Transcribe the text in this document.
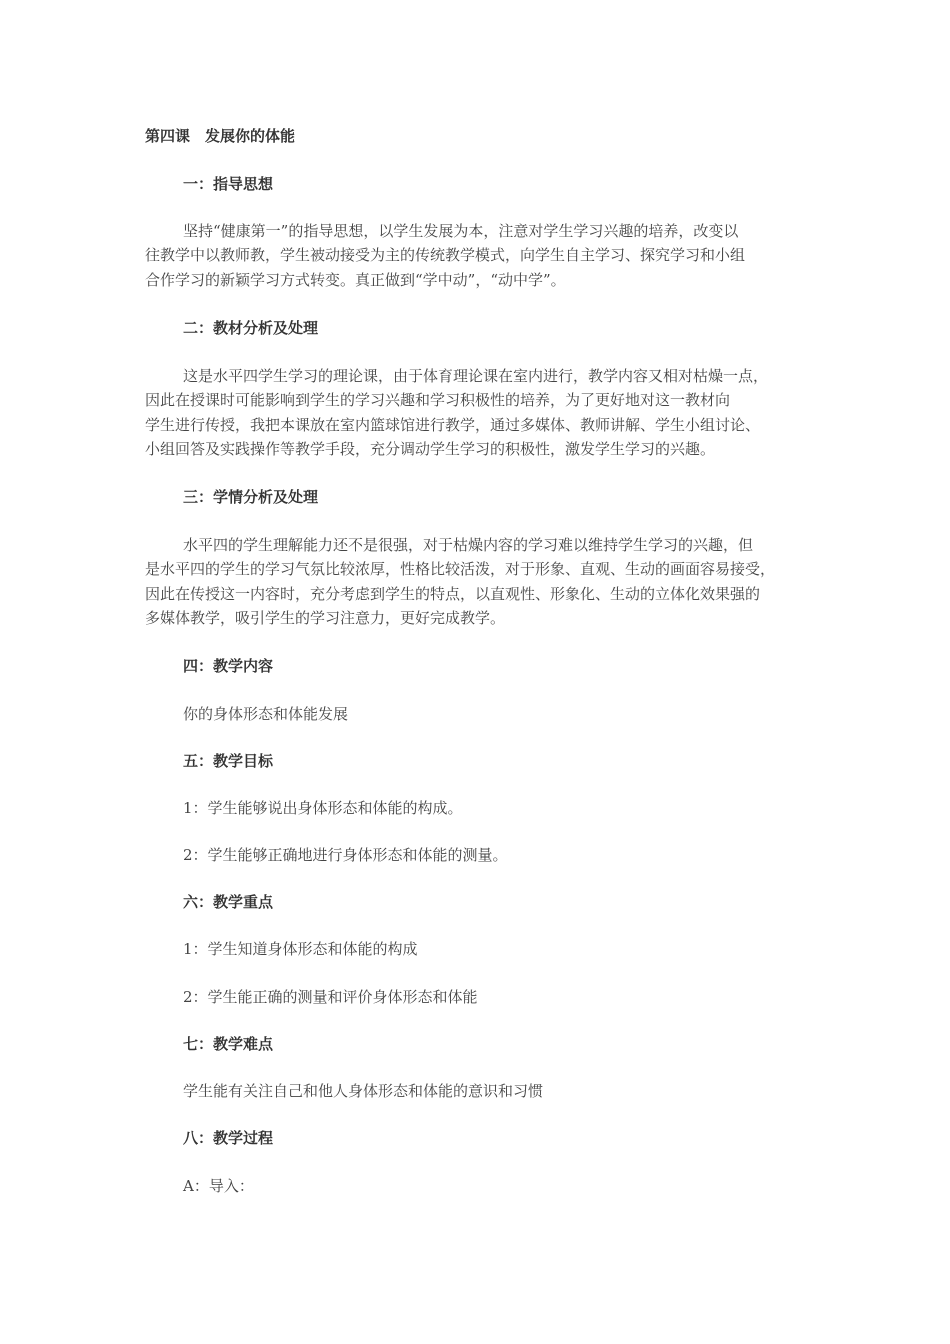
第四课　发展你的体能
一：指导思想
坚持“健康第一”的指导思想，以学生发展为本，注意对学生学习兴趣的培养，改变以
往教学中以教师教，学生被动接受为主的传统教学模式，向学生自主学习、探究学习和小组
合作学习的新颖学习方式转变。真正做到“学中动”，“动中学”。
二：教材分析及处理
这是水平四学生学习的理论课，由于体育理论课在室内进行，教学内容又相对枯燥一点，
因此在授课时可能影响到学生的学习兴趣和学习积极性的培养，为了更好地对这一教材向
学生进行传授，我把本课放在室内篮球馆进行教学，通过多媒体、教师讲解、学生小组讨论、
小组回答及实践操作等教学手段，充分调动学生学习的积极性，激发学生学习的兴趣。
三：学情分析及处理
水平四的学生理解能力还不是很强，对于枯燥内容的学习难以维持学生学习的兴趣，但
是水平四的学生的学习气氛比较浓厚，性格比较活泼，对于形象、直观、生动的画面容易接受，
因此在传授这一内容时，充分考虑到学生的特点，以直观性、形象化、生动的立体化效果强的
多媒体教学，吸引学生的学习注意力，更好完成教学。
四：教学内容
你的身体形态和体能发展
五：教学目标
1：学生能够说出身体形态和体能的构成。
2：学生能够正确地进行身体形态和体能的测量。
六：教学重点
1：学生知道身体形态和体能的构成
2：学生能正确的测量和评价身体形态和体能
七：教学难点
学生能有关注自己和他人身体形态和体能的意识和习惯
八：教学过程
A：导入：
